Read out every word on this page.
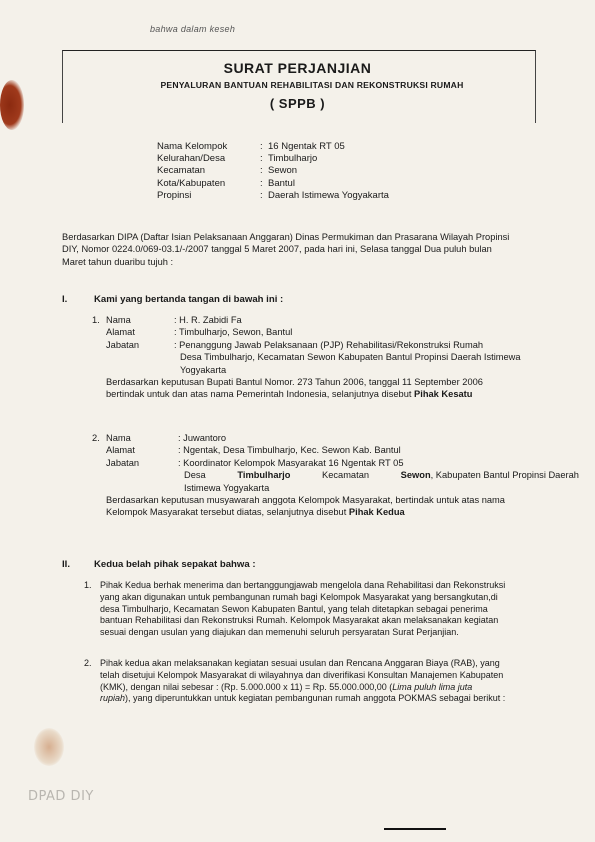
bahwa dalam keseh
SURAT PERJANJIAN
PENYALURAN BANTUAN REHABILITASI DAN REKONSTRUKSI RUMAH
( SPPB )
Nama Kelompok	: 16 Ngentak RT 05
Kelurahan/Desa	: Timbulharjo
Kecamatan	: Sewon
Kota/Kabupaten	: Bantul
Propinsi	: Daerah Istimewa Yogyakarta
Berdasarkan DIPA (Daftar Isian Pelaksanaan Anggaran) Dinas Permukiman dan Prasarana Wilayah Propinsi
DIY, Nomor 0224.0/069-03.1/-/2007 tanggal 5 Maret 2007, pada hari ini, Selasa tanggal Dua puluh bulan
Maret tahun duaribu tujuh :
I.	Kami yang bertanda tangan di bawah ini :
1. Nama	: H. R. Zabidi Fa
Alamat	: Timbulharjo, Sewon, Bantul
Jabatan	: Penanggung Jawab Pelaksanaan (PJP) Rehabilitasi/Rekonstruksi Rumah
Desa Timbulharjo, Kecamatan Sewon Kabupaten Bantul Propinsi Daerah Istimewa
Yogyakarta
Berdasarkan keputusan Bupati Bantul Nomor. 273 Tahun 2006, tanggal 11 September 2006
bertindak untuk dan atas nama Pemerintah Indonesia, selanjutnya disebut Pihak Kesatu
2. Nama	: Juwantoro
Alamat	: Ngentak, Desa Timbulharjo, Kec. Sewon Kab. Bantul
Jabatan	: Koordinator Kelompok Masyarakat 16 Ngentak RT 05
Desa	Timbulharjo	Kecamatan	Sewon, Kabupaten Bantul Propinsi Daerah
Istimewa Yogyakarta
Berdasarkan keputusan musyawarah anggota Kelompok Masyarakat, bertindak untuk atas nama
Kelompok Masyarakat tersebut diatas, selanjutnya disebut Pihak Kedua
II.	Kedua belah pihak sepakat bahwa :
1. Pihak Kedua berhak menerima dan bertanggungjawab mengelola dana Rehabilitasi dan Rekonstruksi
yang akan digunakan untuk pembangunan rumah bagi Kelompok Masyarakat yang bersangkutan,di
desa Timbulharjo, Kecamatan Sewon Kabupaten Bantul, yang telah ditetapkan sebagai penerima
bantuan Rehabilitasi dan Rekonstruksi Rumah. Kelompok Masyarakat akan melaksanakan kegiatan
sesuai dengan usulan yang diajukan dan memenuhi seluruh persyaratan Surat Perjanjian.
2. Pihak kedua akan melaksanakan kegiatan sesuai usulan dan Rencana Anggaran Biaya (RAB), yang
telah disetujui Kelompok Masyarakat di wilayahnya dan diverifikasi Konsultan Manajemen Kabupaten
(KMK), dengan nilai sebesar : (Rp. 5.000.000 x 11) = Rp. 55.000.000,00 (Lima puluh lima juta
rupiah), yang diperuntukkan untuk kegiatan pembangunan rumah anggota POKMAS sebagai berikut :
DPAD DIY
